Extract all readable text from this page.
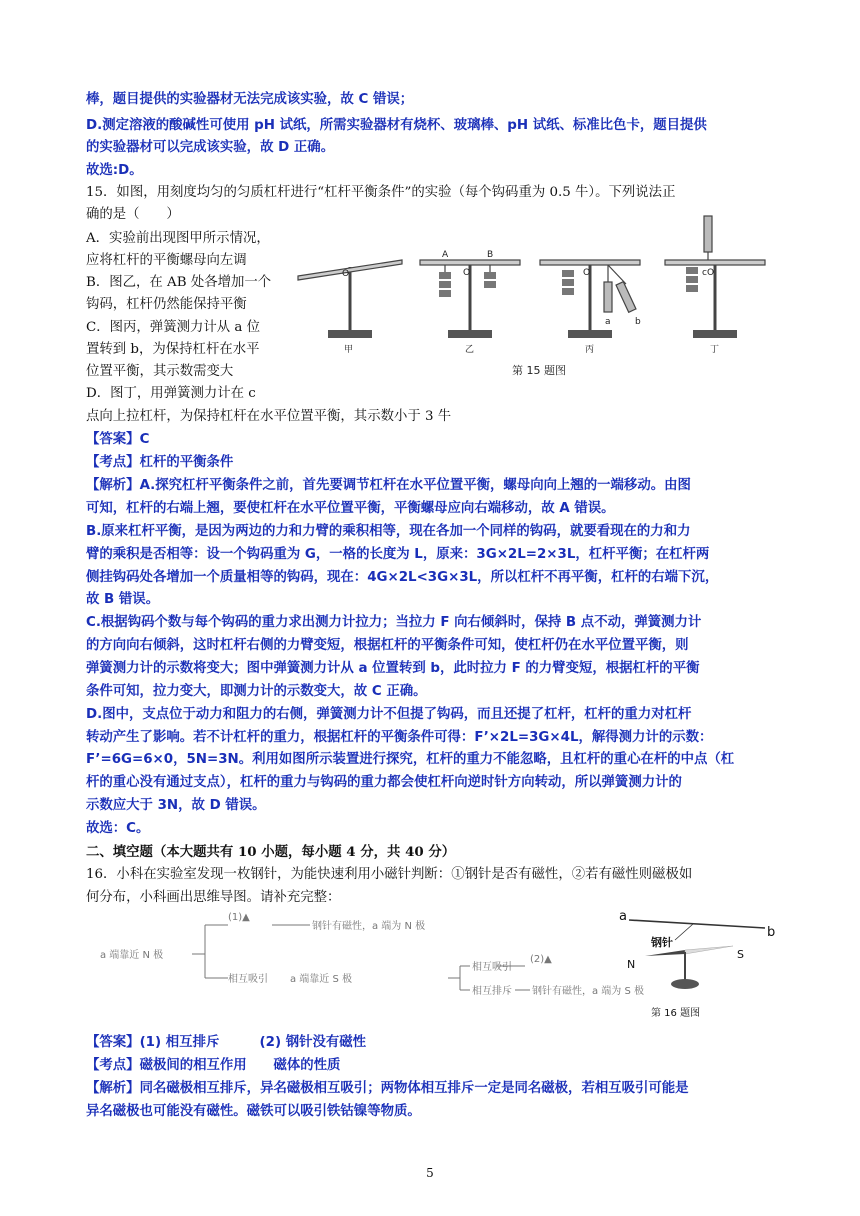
棒，题目提供的实验器材无法完成该实验，故 C 错误；
D.测定溶液的酸碱性可使用 pH 试纸，所需实验器材有烧杯、玻璃棒、pH 试纸、标准比色卡，题目提供
的实验器材可以完成该实验，故 D 正确。
故选:D。
15．如图，用刻度均匀的匀质杠杆进行“杠杆平衡条件”的实验（每个钩码重为 0.5 牛）。下列说法正
确的是（　　）
A．实验前出现图甲所示情况，
应将杠杆的平衡螺母向左调
B．图乙，在 AB 处各增加一个
钩码，杠杆仍然能保持平衡
C．图丙，弹簧测力计从 a 位
置转到 b，为保持杠杆在水平
位置平衡，其示数需变大
D．图丁，用弹簧测力计在 c
点向上拉杠杆，为保持杠杆在水平位置平衡，其示数小于 3 牛
O	O
A	B
O
a	b
O
c
甲	乙	丙	丁
第 15 题图
【答案】C
【考点】杠杆的平衡条件
【解析】A.探究杠杆平衡条件之前，首先要调节杠杆在水平位置平衡，螺母向向上翘的一端移动。由图
可知，杠杆的右端上翘，要使杠杆在水平位置平衡，平衡螺母应向右端移动，故 A 错误。
B.原来杠杆平衡，是因为两边的力和力臂的乘积相等，现在各加一个同样的钩码，就要看现在的力和力
臂的乘积是否相等：设一个钩码重为 G，一格的长度为 L，原来：3G×2L=2×3L，杠杆平衡；在杠杆两
侧挂钩码处各增加一个质量相等的钩码，现在：4G×2L<3G×3L，所以杠杆不再平衡，杠杆的右端下沉，
故 B 错误。
C.根据钩码个数与每个钩码的重力求出测力计拉力；当拉力 F 向右倾斜时，保持 B 点不动，弹簧测力计
的方向向右倾斜，这时杠杆右侧的力臂变短，根据杠杆的平衡条件可知，使杠杆仍在水平位置平衡，则
弹簧测力计的示数将变大；图中弹簧测力计从 a 位置转到 b，此时拉力 F 的力臂变短，根据杠杆的平衡
条件可知，拉力变大，即测力计的示数变大，故 C 正确。
D.图中，支点位于动力和阻力的右侧，弹簧测力计不但提了钩码，而且还提了杠杆，杠杆的重力对杠杆
转动产生了影响。若不计杠杆的重力，根据杠杆的平衡条件可得：F’×2L=3G×4L，解得测力计的示数：
F’=6G=6×0，5N=3N。利用如图所示装置进行探究，杠杆的重力不能忽略，且杠杆的重心在杆的中点（杠
杆的重心没有通过支点），杠杆的重力与钩码的重力都会使杠杆向逆时针方向转动，所以弹簧测力计的
示数应大于 3N，故 D 错误。
故选：C。
二、填空题（本大题共有 10 小题，每小题 4 分，共 40 分）
16．小科在实验室发现一枚钢针，为能快速利用小磁针判断：①钢针是否有磁性，②若有磁性则磁极如
何分布，小科画出思维导图。请补充完整：
a 端靠近 N 极
(1)▲
钢针有磁性，a 端为 N 极
相互吸引 a 端靠近 S 极
相互吸引
(2)▲
相互排斥 钢针有磁性，a 端为 S 极
a
b
钢针
N
S
第 16 题图
【答案】(1) 相互排斥　　　(2) 钢针没有磁性
【考点】磁极间的相互作用　　磁体的性质
【解析】同名磁极相互排斥，异名磁极相互吸引；两物体相互排斥一定是同名磁极，若相互吸引可能是
异名磁极也可能没有磁性。磁铁可以吸引铁钴镍等物质。
5
